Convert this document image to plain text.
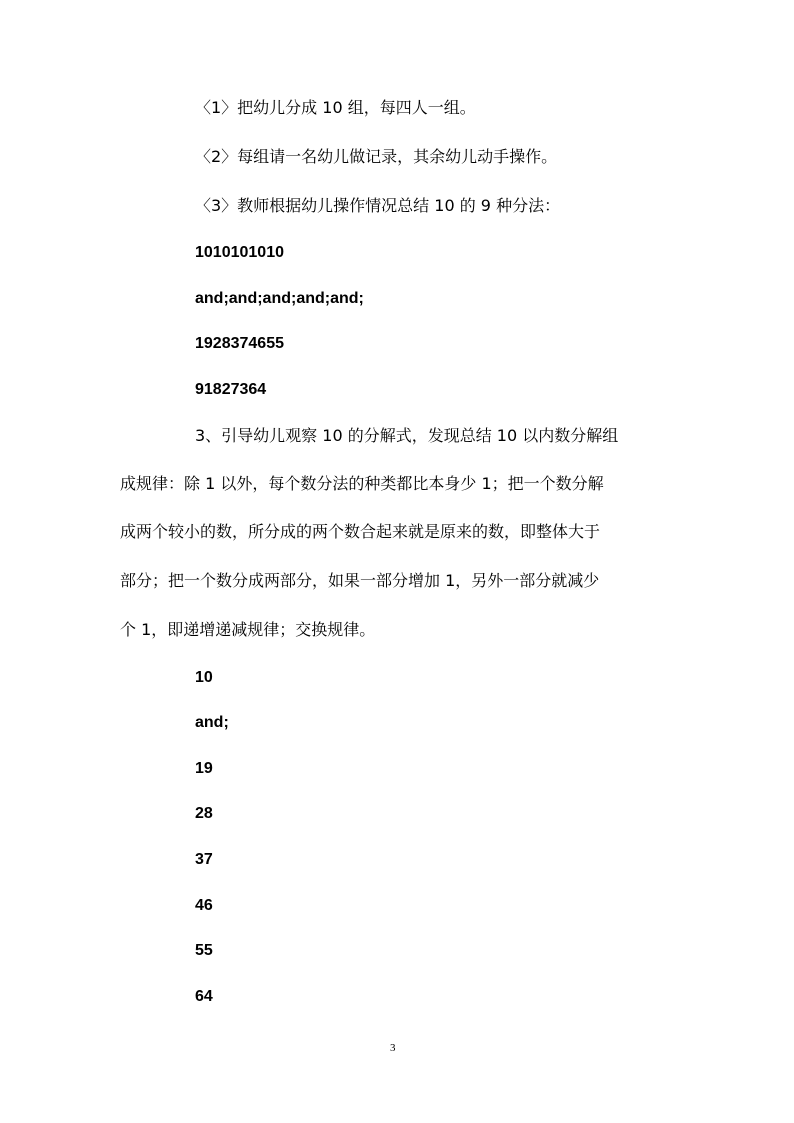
〈1〉把幼儿分成 10 组，每四人一组。
〈2〉每组请一名幼儿做记录，其余幼儿动手操作。
〈3〉教师根据幼儿操作情况总结 10 的 9 种分法：
1010101010
and;and;and;and;and;
1928374655
91827364
3、引导幼儿观察 10 的分解式，发现总结 10 以内数分解组
成规律：除 1 以外，每个数分法的种类都比本身少 1；把一个数分解
成两个较小的数，所分成的两个数合起来就是原来的数，即整体大于
部分；把一个数分成两部分，如果一部分增加 1，另外一部分就减少
个 1，即递增递减规律；交换规律。
10
and;
19
28
37
46
55
64
3
